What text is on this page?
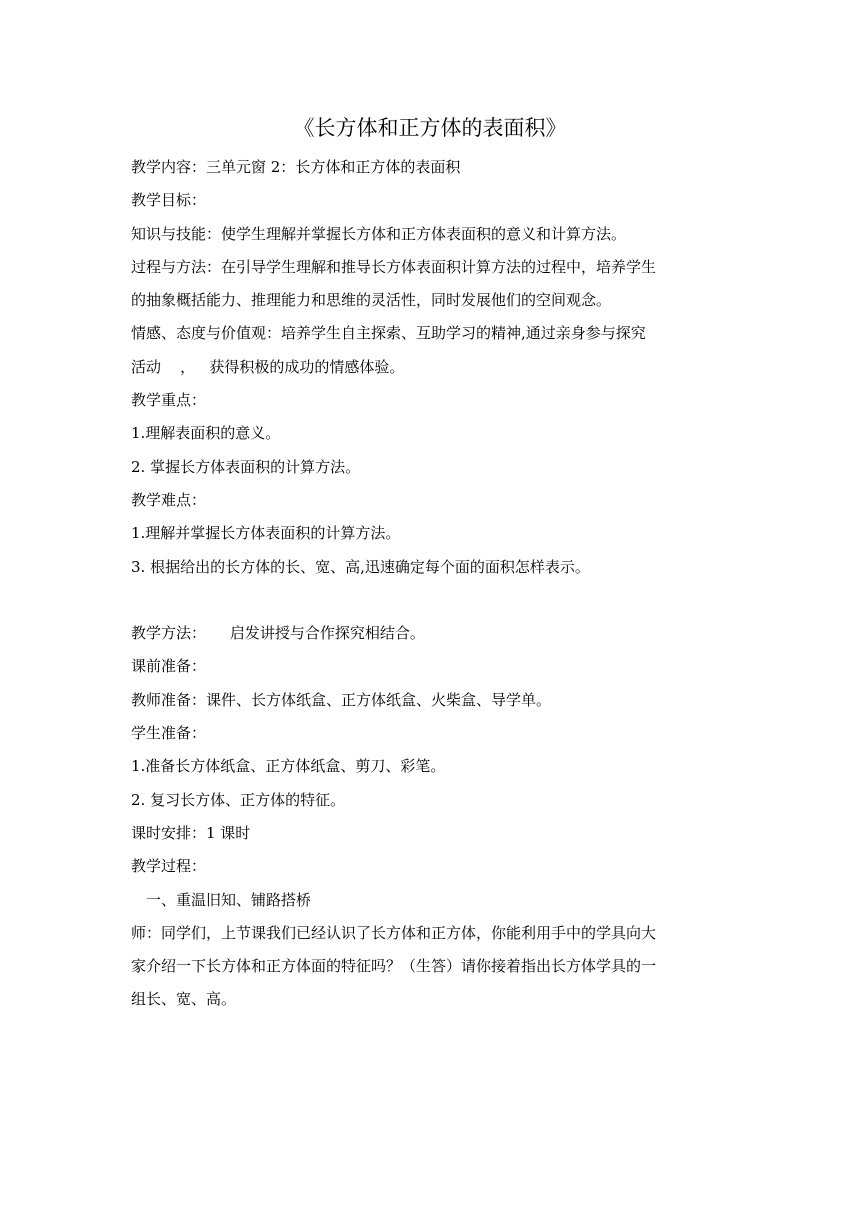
《长方体和正方体的表面积》
教学内容：三单元窗 2：长方体和正方体的表面积
教学目标：
知识与技能：使学生理解并掌握长方体和正方体表面积的意义和计算方法。
过程与方法：在引导学生理解和推导长方体表面积计算方法的过程中，培养学生
的抽象概括能力、推理能力和思维的灵活性，同时发展他们的空间观念。
情感、态度与价值观：培养学生自主探索、互助学习的精神,通过亲身参与探究
活动    ，   获得积极的成功的情感体验。
教学重点：
1.理解表面积的意义。
2. 掌握长方体表面积的计算方法。
教学难点：
1.理解并掌握长方体表面积的计算方法。
3. 根据给出的长方体的长、宽、高,迅速确定每个面的面积怎样表示。
教学方法：     启发讲授与合作探究相结合。
课前准备：
教师准备：课件、长方体纸盒、正方体纸盒、火柴盒、导学单。
学生准备：
1.准备长方体纸盒、正方体纸盒、剪刀、彩笔。
2. 复习长方体、正方体的特征。
课时安排：1 课时
教学过程：
一、重温旧知、铺路搭桥
师：同学们，上节课我们已经认识了长方体和正方体，你能利用手中的学具向大
家介绍一下长方体和正方体面的特征吗？（生答）请你接着指出长方体学具的一
组长、宽、高。
